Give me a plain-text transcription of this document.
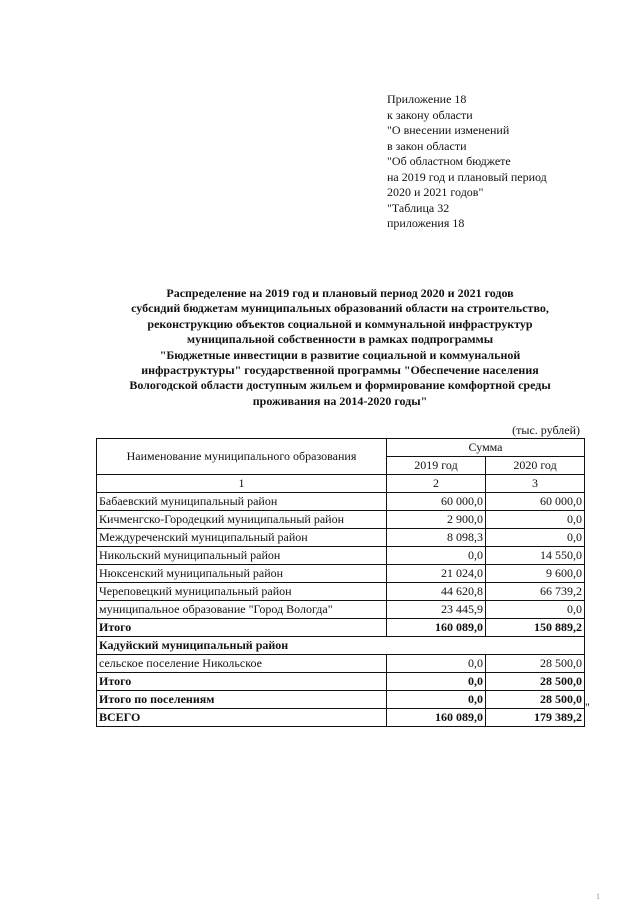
Приложение 18
к закону области
"О внесении изменений
в закон области
"Об областном бюджете
на 2019 год и плановый период
2020 и 2021 годов"
"Таблица 32
приложения 18
Распределение на 2019 год и плановый период 2020 и 2021 годов
субсидий бюджетам муниципальных образований области на строительство,
реконструкцию объектов социальной и коммунальной инфраструктур
муниципальной собственности в рамках подпрограммы
"Бюджетные инвестиции в развитие социальной и коммунальной
инфраструктуры" государственной программы "Обеспечение населения
Вологодской области доступным жильем и формирование комфортной среды
проживания на 2014-2020 годы"
(тыс. рублей)
Наименование муниципального образования	Сумма	
	2019 год	2020 год
1	2	3
Бабаевский муниципальный район	60 000,0	60 000,0
Кичменгско-Городецкий муниципальный район	2 900,0	0,0
Междуреченский муниципальный район	8 098,3	0,0
Никольский муниципальный район	0,0	14 550,0
Нюксенский муниципальный район	21 024,0	9 600,0
Череповецкий муниципальный район	44 620,8	66 739,2
муниципальное образование "Город Вологда"	23 445,9	0,0
Итого	160 089,0	150 889,2
Кадуйский муниципальный район		
сельское поселение Никольское	0,0	28 500,0
Итого	0,0	28 500,0
Итого по поселениям	0,0	28 500,0
ВСЕГО	160 089,0	179 389,2
"
1
